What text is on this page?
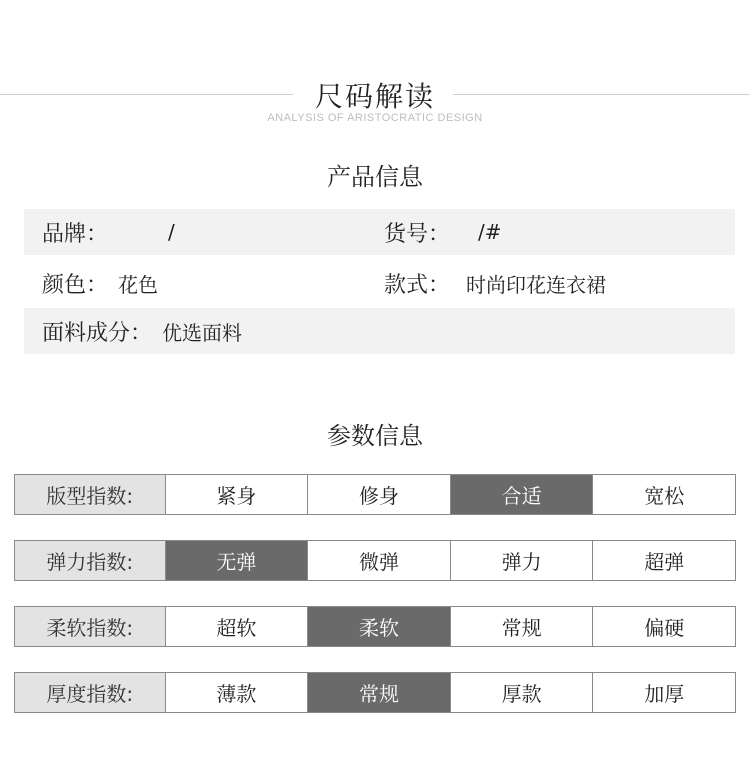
尺码解读
ANALYSIS OF ARISTOCRATIC DESIGN
产品信息
品牌：	/	货号： /#
颜色： 花色	款式： 时尚印花连衣裙
面料成分： 优选面料
参数信息
版型指数:	紧身	修身	合适	宽松
弹力指数:	无弹	微弹	弹力	超弹
柔软指数:	超软	柔软	常规	偏硬
厚度指数:	薄款	常规	厚款	加厚
